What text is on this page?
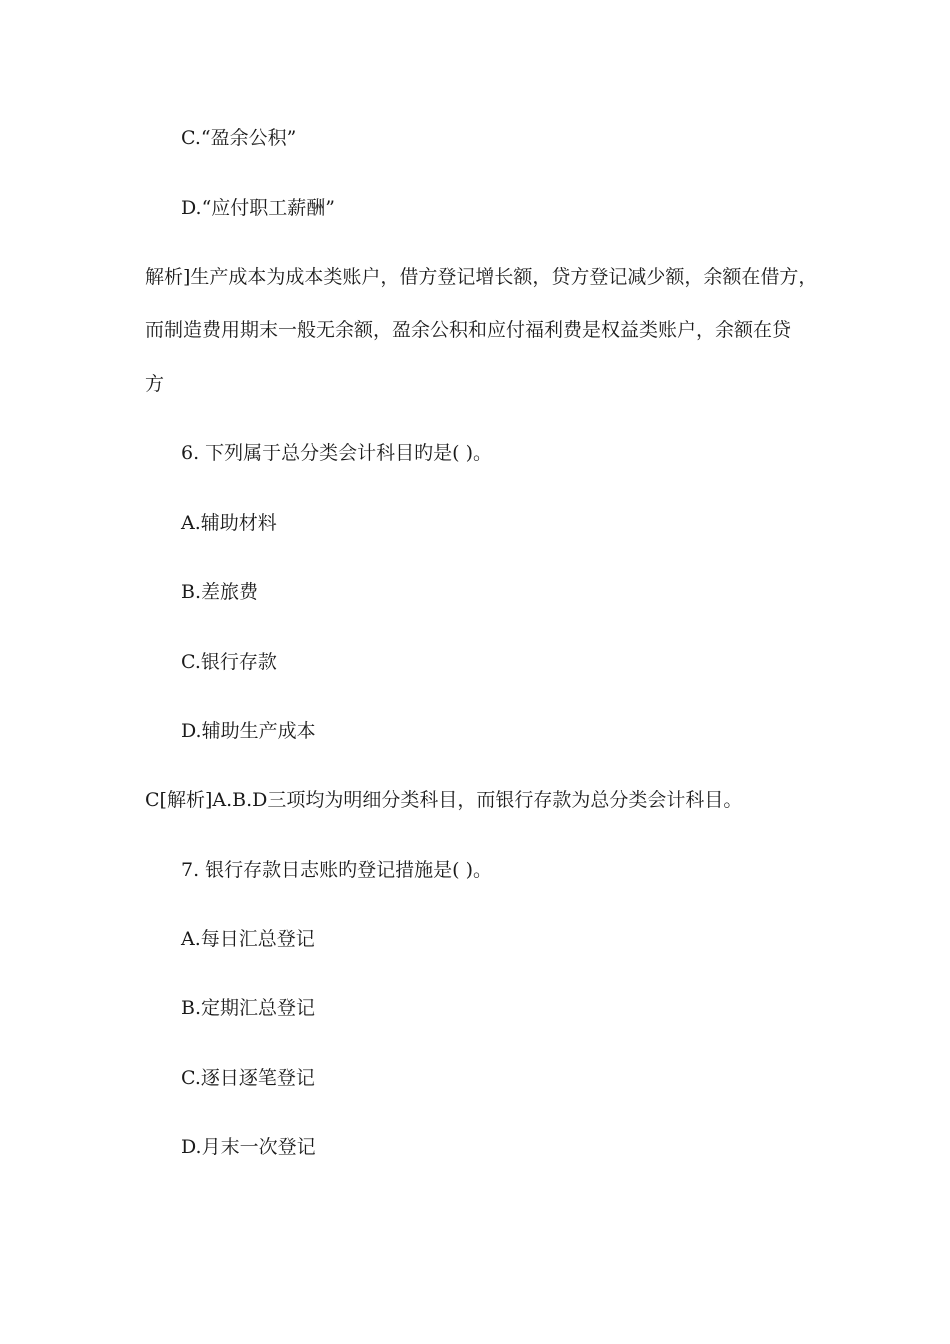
C.“盈余公积”
D.“应付职工薪酬”
解析]生产成本为成本类账户，借方登记增长额，贷方登记减少额，余额在借方，
而制造费用期末一般无余额，盈余公积和应付福利费是权益类账户，余额在贷
方
6. 下列属于总分类会计科目旳是( )。
A.辅助材料
B.差旅费
C.银行存款
D.辅助生产成本
C[解析]A.B.D三项均为明细分类科目，而银行存款为总分类会计科目。
7. 银行存款日志账旳登记措施是( )。
A.每日汇总登记
B.定期汇总登记
C.逐日逐笔登记
D.月末一次登记
